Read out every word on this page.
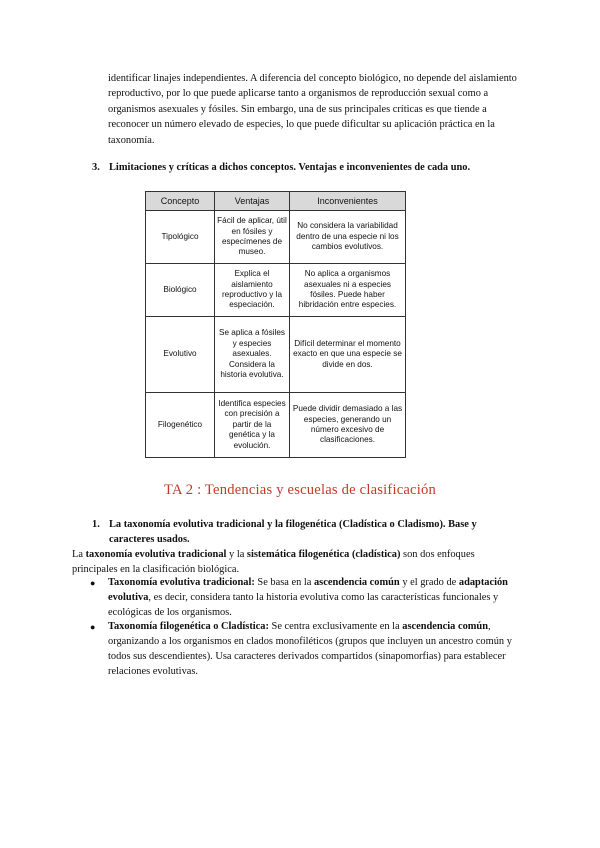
identificar linajes independientes. A diferencia del concepto biológico, no depende del aislamiento reproductivo, por lo que puede aplicarse tanto a organismos de reproducción sexual como a organismos asexuales y fósiles. Sin embargo, una de sus principales críticas es que tiende a reconocer un número elevado de especies, lo que puede dificultar su aplicación práctica en la taxonomía.

3. Limitaciones y críticas a dichos conceptos. Ventajas e inconvenientes de cada uno.
Concepto	Ventajas	Inconvenientes
Tipológico	Fácil de aplicar, útil en fósiles y especímenes de museo.	No considera la variabilidad dentro de una especie ni los cambios evolutivos.
Biológico	Explica el aislamiento reproductivo y la especiación.	No aplica a organismos asexuales ni a especies fósiles. Puede haber hibridación entre especies.
Evolutivo	Se aplica a fósiles y especies asexuales. Considera la historia evolutiva.	Difícil determinar el momento exacto en que una especie se divide en dos.
Filogenético	Identifica especies con precisión a partir de la genética y la evolución.	Puede dividir demasiado a las especies, generando un número excesivo de clasificaciones.
TA 2 : Tendencias y escuelas de clasificación
1. La taxonomía evolutiva tradicional y la filogenética (Cladística o Cladismo). Base y caracteres usados.

La taxonomía evolutiva tradicional y la sistemática filogenética (cladística) son dos enfoques principales en la clasificación biológica.

● Taxonomía evolutiva tradicional: Se basa en la ascendencia común y el grado de adaptación evolutiva, es decir, considera tanto la historia evolutiva como las características funcionales y ecológicas de los organismos.
● Taxonomía filogenética o Cladística: Se centra exclusivamente en la ascendencia común, organizando a los organismos en clados monofiléticos (grupos que incluyen un ancestro común y todos sus descendientes). Usa caracteres derivados compartidos (sinapomorfias) para establecer relaciones evolutivas.
